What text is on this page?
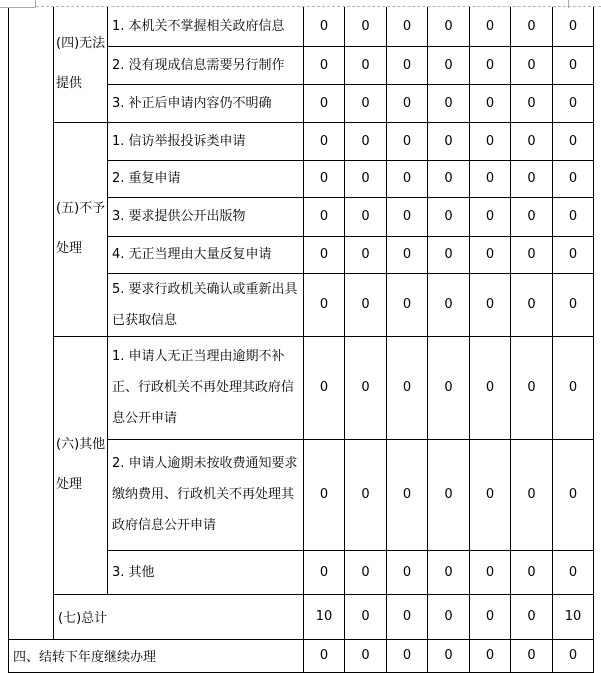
	(四)无法提供	1. 本机关不掌握相关政府信息	0	0	0	0	0	0	0
		2. 没有现成信息需要另行制作	0	0	0	0	0	0	0
		3. 补正后申请内容仍不明确	0	0	0	0	0	0	0
	(五)不予处理	1. 信访举报投诉类申请	0	0	0	0	0	0	0
		2. 重复申请	0	0	0	0	0	0	0
		3. 要求提供公开出版物	0	0	0	0	0	0	0
		4. 无正当理由大量反复申请	0	0	0	0	0	0	0
		5. 要求行政机关确认或重新出具已获取信息	0	0	0	0	0	0	0
	(六)其他处理	1. 申请人无正当理由逾期不补正、行政机关不再处理其政府信息公开申请	0	0	0	0	0	0	0
		2. 申请人逾期未按收费通知要求缴纳费用、行政机关不再处理其政府信息公开申请	0	0	0	0	0	0	0
		3. 其他	0	0	0	0	0	0	0
	(七)总计		10	0	0	0	0	0	10
四、结转下年度继续办理			0	0	0	0	0	0	0
